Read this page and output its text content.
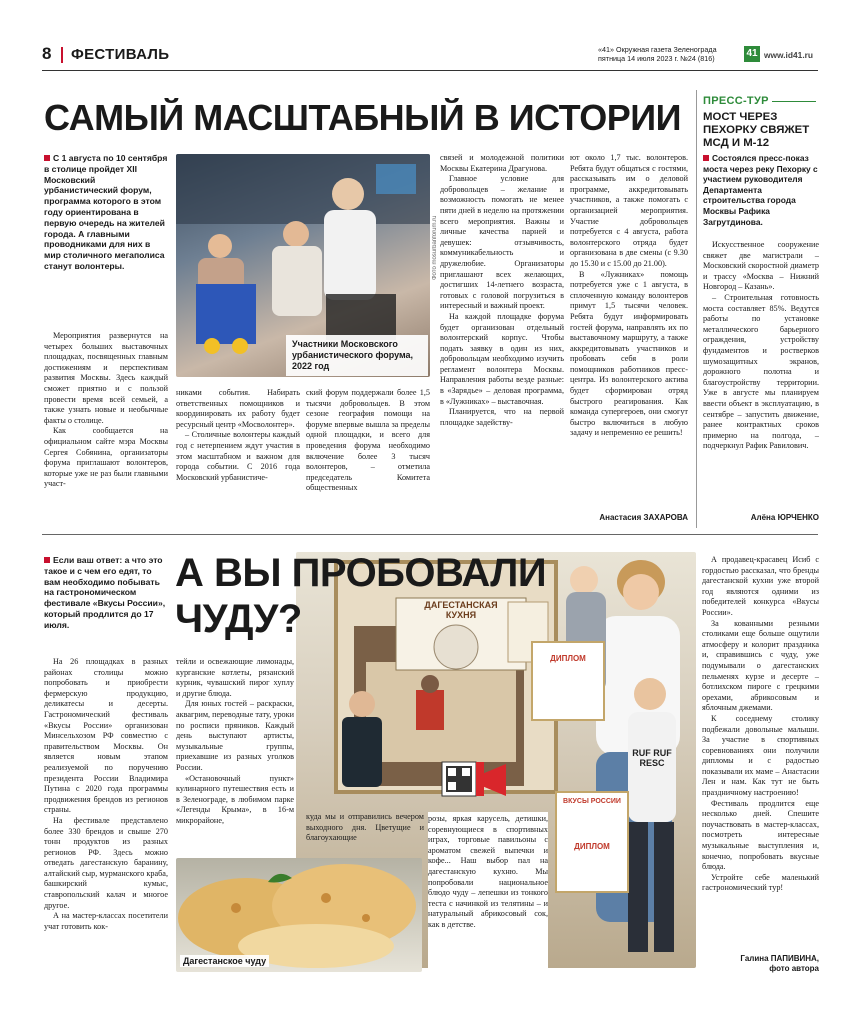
8 ФЕСТИВАЛЬ	«41» Окружная газета Зеленограда
пятница 14 июля 2023 г. №24 (816)	41 www.id41.ru
САМЫЙ МАСШТАБНЫЙ В ИСТОРИИ
С 1 августа по 10 сентября в столице пройдет XII Московский урбанистический форум, программа которого в этом году ориентирована в первую очередь на жителей города. А главными проводниками для них в мир столичного мегаполиса станут волонтеры.

Мероприятия развернутся на четырех больших выставочных площадках, посвященных главным достижениям и перспективам развития Москвы. Здесь каждый сможет приятно и с пользой провести время всей семьей, а также узнать новые и необычные факты о столице.

Как сообщается на официальном сайте мэра Москвы Сергея Собянина, организаторы форума приглашают волонтеров, которые уже не раз были главными участ-

Участники Московского урбанистического форума, 2022 год
Фото mosurbanforum.ru

никами события. Набирать ответственных помощников и координировать их работу будет ресурсный центр «Мосволонтер».

– Столичные волонтеры каждый год с нетерпением ждут участия в этом масштабном и важном для города событии. С 2016 года Московский урбанистиче-

ский форум поддержали более 1,5 тысячи добровольцев. В этом сезоне география помощи на форуме впервые вышла за пределы одной площадки, и всего для проведения форума необходимо включение более 3 тысяч волонтеров, – отметила председатель Комитета общественных

связей и молодежной политики Москвы Екатерина Драгунова.

Главное условие для добровольцев – желание и возможность помогать не менее пяти дней в неделю на протяжении всего мероприятия. Важны и личные качества парней и девушек: отзывчивость, коммуникабельность и дружелюбие. Организаторы приглашают всех желающих, достигших 14-летнего возраста, готовых с головой погрузиться в интересный и важный проект.

На каждой площадке форума будет организован отдельный волонтерский корпус. Чтобы подать заявку в один из них, добровольцам необходимо изучить регламент волонтера Москвы. Направления работы везде разные: в «Зарядье» – деловая программа, в «Лужниках» – выставочная.

Планируется, что на первой площадке задейству-

ют около 1,7 тыс. волонтеров. Ребята будут общаться с гостями, рассказывать им о деловой программе, аккредитовывать участников, а также помогать с организацией мероприятия. Участие добровольцев потребуется с 4 августа, работа волонтерского отряда будет организована в две смены (с 9.30 до 15.30 и с 15.00 до 21.00).

В «Лужниках» помощь потребуется уже с 1 августа, в сплоченную команду волонтеров примут 1,5 тысячи человек. Ребята будут информировать гостей форума, направлять их по выставочному маршруту, а также аккредитовывать участников и пробовать себя в роли помощников работников пресс-центра. Из волонтерского актива будет сформирован отряд быстрого реагирования. Как команда супергероев, они смогут быстро включиться в любую задачу и непременно ее решить!

Анастасия ЗАХАРОВА
ПРЕСС-ТУР
МОСТ ЧЕРЕЗ ПЕХОРКУ СВЯЖЕТ МСД И М-12
Состоялся пресс-показ моста через реку Пехорку с участием руководителя Департамента строительства города Москвы Рафика Загрутдинова.

Искусственное сооружение свяжет две магистрали – Московский скоростной диаметр и трассу «Москва – Нижний Новгород – Казань».

– Строительная готовность моста составляет 85%. Ведутся работы по установке металлического барьерного ограждения, устройству фундаментов и ростверков шумозащитных экранов, дорожного полотна и благоустройству территории. Уже в августе мы планируем ввести объект в эксплуатацию, в сентябре – запустить движение, ранее контрактных сроков примерно на полгода, – подчеркнул Рафик Равилович.

Алёна ЮРЧЕНКО
Если ваш ответ: а что это такое и с чем его едят, то вам необходимо побывать на гастрономическом фестивале «Вкусы России», который продлится до 17 июля.

На 26 площадках в разных районах столицы можно попробовать и приобрести фермерскую продукцию, деликатесы и десерты. Гастрономический фестиваль «Вкусы России» организован Минсельхозом РФ совместно с правительством Москвы. Он является новым этапом реализуемой по поручению президента России Владимира Путина с 2020 года программы продвижения брендов из регионов страны.

На фестивале представлено более 330 брендов и свыше 270 тонн продуктов из разных регионов РФ. Здесь можно отведать дагестанскую баранину, алтайский сыр, мурманского краба, башкирский кумыс, ставропольский калач и многое другое.

А на мастер-классах посетители учат готовить кок-

ДАГЕСТАНСКАЯ
КУХНЯ
ДИПЛОМ
ВКУСЫ РОССИИ
ДИПЛОМ
RUF RUF RESC
А ВЫ ПРОБОВАЛИ ЧУДУ?

тейли и освежающие лимонады, курганские котлеты, рязанский курник, чувашский пирог хуплу и другие блюда.

Для юных гостей – раскраски, аквагрим, переводные тату, уроки по росписи пряников. Каждый день выступают артисты, музыкальные группы, приехавшие из разных уголков России.

«Остановочный пункт» кулинарного путешествия есть и в Зеленограде, в любимом парке «Легенды Крыма», в 16-м микрорайоне,	куда мы и отправились вечером выходного дня. Цветущие и благоухающие

Дагестанское чуду

розы, яркая карусель, детишки, соревнующиеся в спортивных играх, торговые павильоны с ароматом свежей выпечки и кофе... Наш выбор пал на дагестанскую кухню. Мы попробовали национальное блюдо чуду – лепешки из тонкого теста с начинкой из телятины – и натуральный абрикосовый сок, как в детстве.

А продавец-красавец Исиб с гордостью рассказал, что бренды дагестанской кухни уже второй год являются одними из победителей конкурса «Вкусы России».

За кованными резными столиками еще больше ощутили атмосферу и колорит праздника и, справившись с чуду, уже подумывали о дагестанских пельменях курзе и десерте – ботлихском пироге с грецкими орехами, абрикосовым и яблочным джемами.

К соседнему столику подбежали довольные малыши. За участие в спортивных соревнованиях они получили дипломы и с радостью показывали их маме – Анастасии Лен и нам. Как тут не быть праздничному настроению!

Фестиваль продлится еще несколько дней. Спешите поучаствовать в мастер-классах, посмотреть интересные музыкальные выступления и, конечно, попробовать вкусные блюда.

Устройте себе маленький гастрономический тур!

Галина ПАПИВИНА,
фото автора
